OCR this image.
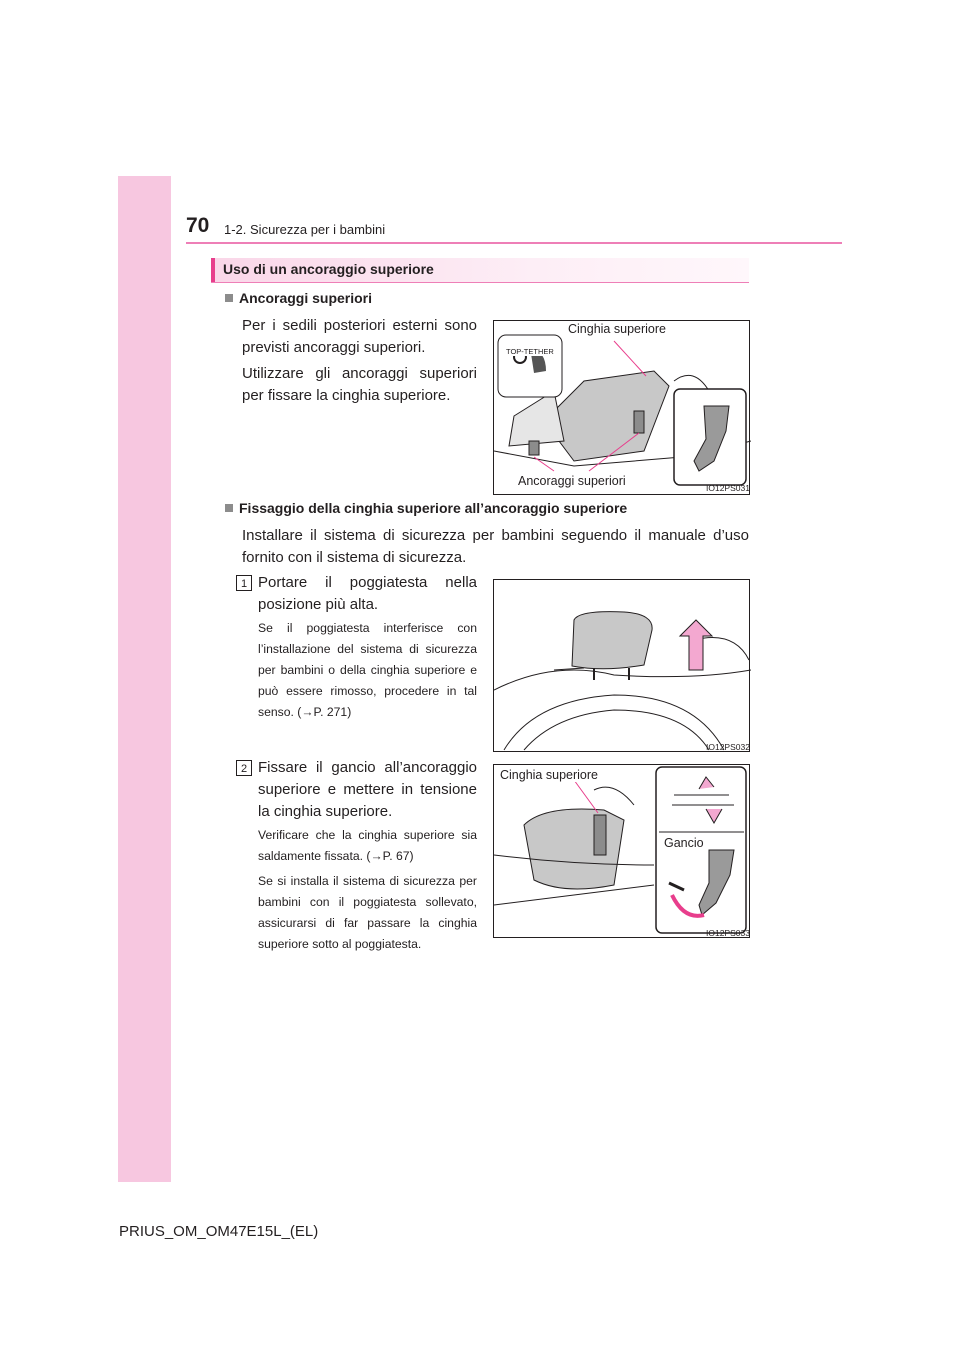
70 1-2. Sicurezza per i bambini
Uso di un ancoraggio superiore
Ancoraggi superiori
Per i sedili posteriori esterni sono previsti ancoraggi superiori.
Utilizzare gli ancoraggi superiori per fissare la cinghia superiore.
TOP-TETHER
Cinghia superiore
Ancoraggi superiori	IO12PS031
Fissaggio della cinghia superiore all’ancoraggio superiore
Installare il sistema di sicurezza per bambini seguendo il manuale d’uso fornito con il sistema di sicurezza.
1 Portare il poggiatesta nella posizione più alta.
Se il poggiatesta interferisce con l’installazione del sistema di sicurezza per bambini o della cinghia superiore e può essere rimosso, procedere in tal senso. (→P. 271)
IO12PS032
2 Fissare il gancio all’ancoraggio superiore e mettere in tensione la cinghia superiore.
Verificare che la cinghia superiore sia saldamente fissata. (→P. 67)
Se si installa il sistema di sicurezza per bambini con il poggiatesta sollevato, assicurarsi di far passare la cinghia superiore sotto al poggiatesta.
Cinghia superiore
Gancio
IO12PS033
PRIUS_OM_OM47E15L_(EL)
